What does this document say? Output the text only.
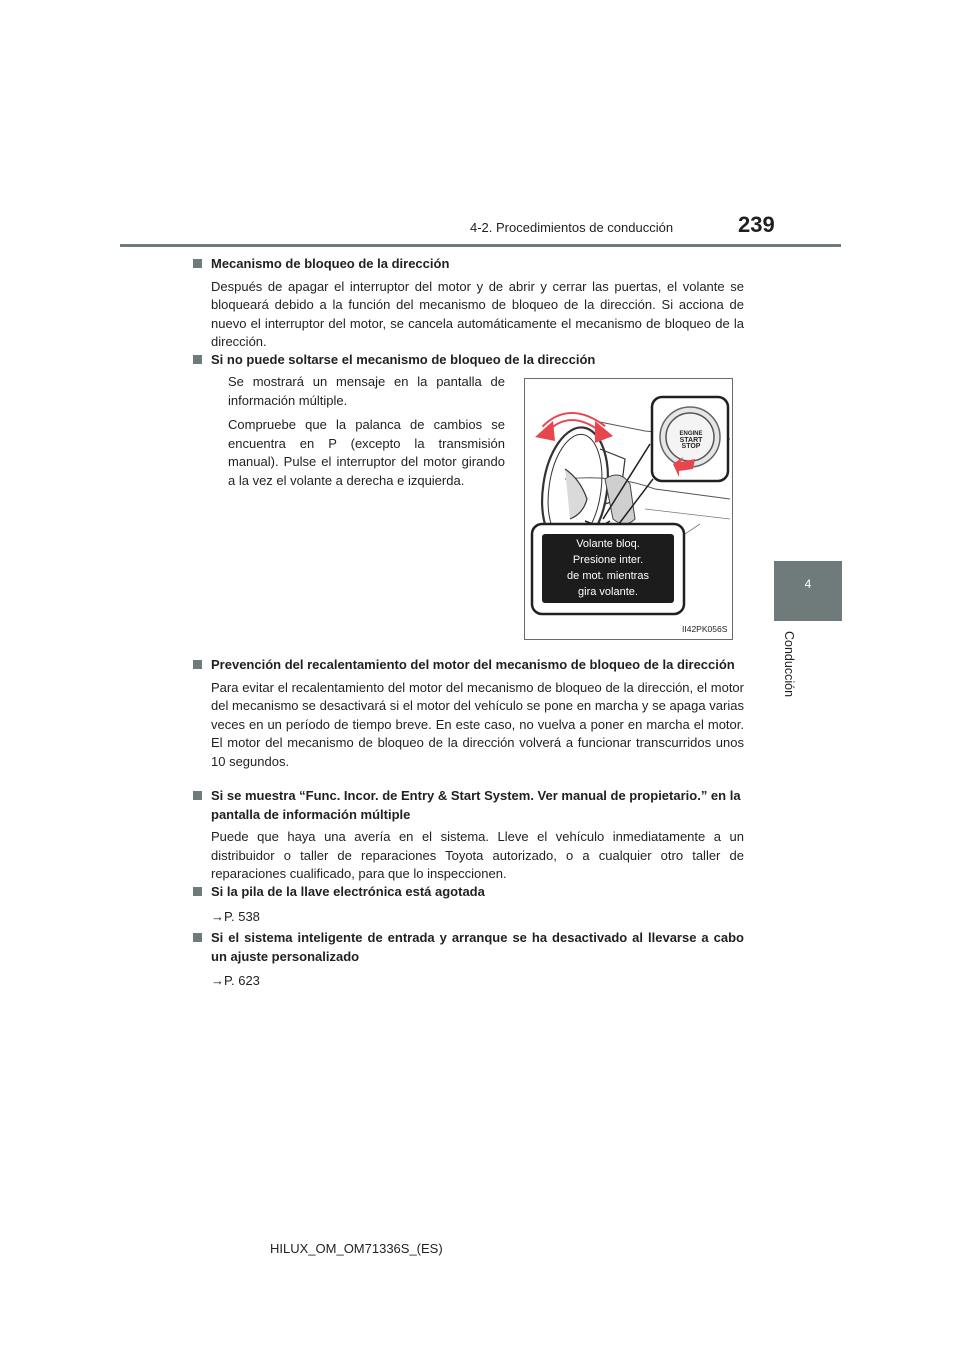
4-2. Procedimientos de conducción	239
4
Conducción

Mecanismo de bloqueo de la dirección

Después de apagar el interruptor del motor y de abrir y cerrar las puertas, el volante se bloqueará debido a la función del mecanismo de bloqueo de la dirección. Si acciona de nuevo el interruptor del motor, se cancela automáticamente el mecanismo de bloqueo de la dirección.

Si no puede soltarse el mecanismo de bloqueo de la dirección

Se mostrará un mensaje en la pantalla de información múltiple.
Compruebe que la palanca de cambios se encuentra en P (excepto la transmisión manual). Pulse el interruptor del motor girando a la vez el volante a derecha e izquierda.
ENGINE
START
STOP
Volante bloq.
Presione inter.
de mot. mientras
gira volante.
II42PK056S

Prevención del recalentamiento del motor del mecanismo de bloqueo de la dirección

Para evitar el recalentamiento del motor del mecanismo de bloqueo de la dirección, el motor del mecanismo se desactivará si el motor del vehículo se pone en marcha y se apaga varias veces en un período de tiempo breve. En este caso, no vuelva a poner en marcha el motor. El motor del mecanismo de bloqueo de la dirección volverá a funcionar transcurridos unos 10 segundos.

Si se muestra “Func. Incor. de Entry & Start System. Ver manual de propietario.” en la pantalla de información múltiple

Puede que haya una avería en el sistema. Lleve el vehículo inmediatamente a un distribuidor o taller de reparaciones Toyota autorizado, o a cualquier otro taller de reparaciones cualificado, para que lo inspeccionen.

Si la pila de la llave electrónica está agotada

→P. 538

Si el sistema inteligente de entrada y arranque se ha desactivado al llevarse a cabo un ajuste personalizado

→P. 623

HILUX_OM_OM71336S_(ES)
